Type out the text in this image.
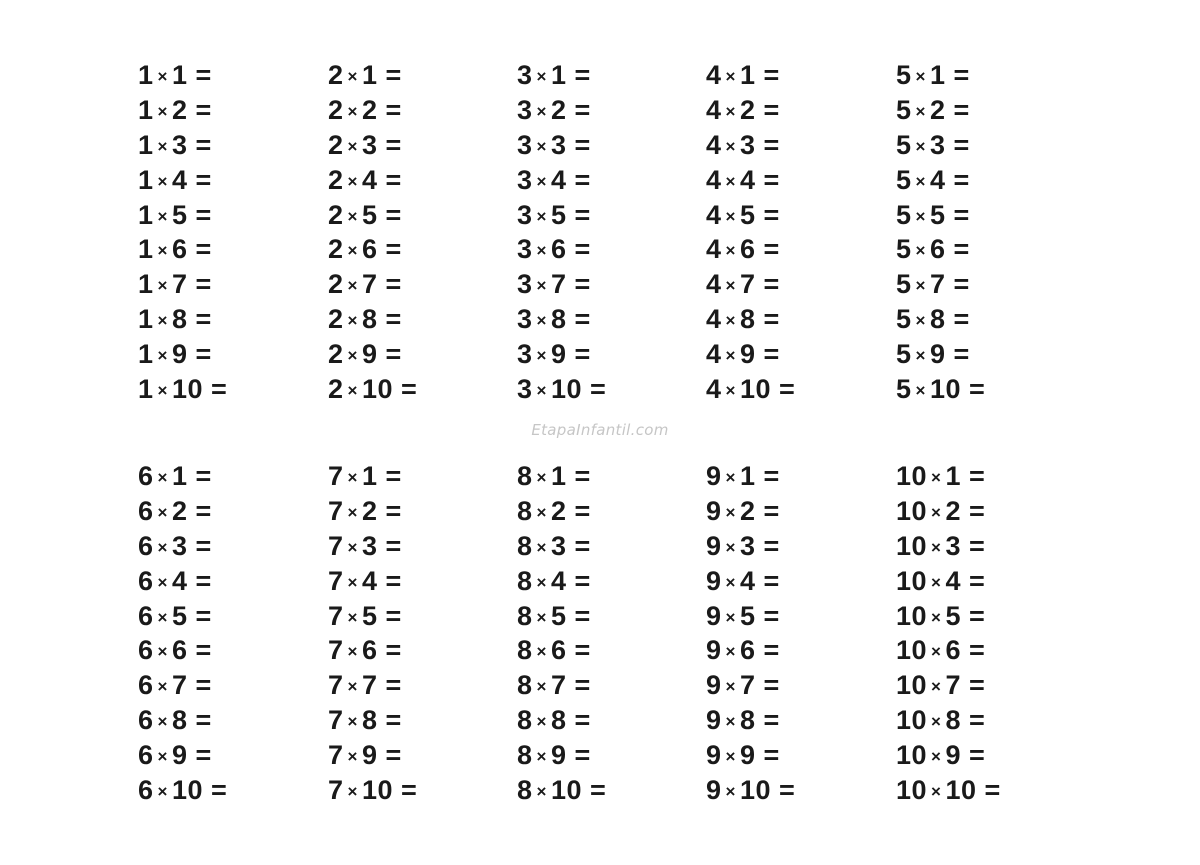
1 × 1 =
1 × 2 =
1 × 3 =
1 × 4 =
1 × 5 =
1 × 6 =
1 × 7 =
1 × 8 =
1 × 9 =
1 × 10 =
2 × 1 =
2 × 2 =
2 × 3 =
2 × 4 =
2 × 5 =
2 × 6 =
2 × 7 =
2 × 8 =
2 × 9 =
2 × 10 =
3 × 1 =
3 × 2 =
3 × 3 =
3 × 4 =
3 × 5 =
3 × 6 =
3 × 7 =
3 × 8 =
3 × 9 =
3 × 10 =
4 × 1 =
4 × 2 =
4 × 3 =
4 × 4 =
4 × 5 =
4 × 6 =
4 × 7 =
4 × 8 =
4 × 9 =
4 × 10 =
5 × 1 =
5 × 2 =
5 × 3 =
5 × 4 =
5 × 5 =
5 × 6 =
5 × 7 =
5 × 8 =
5 × 9 =
5 × 10 =
EtapaInfantil.com
6 × 1 =
6 × 2 =
6 × 3 =
6 × 4 =
6 × 5 =
6 × 6 =
6 × 7 =
6 × 8 =
6 × 9 =
6 × 10 =
7 × 1 =
7 × 2 =
7 × 3 =
7 × 4 =
7 × 5 =
7 × 6 =
7 × 7 =
7 × 8 =
7 × 9 =
7 × 10 =
8 × 1 =
8 × 2 =
8 × 3 =
8 × 4 =
8 × 5 =
8 × 6 =
8 × 7 =
8 × 8 =
8 × 9 =
8 × 10 =
9 × 1 =
9 × 2 =
9 × 3 =
9 × 4 =
9 × 5 =
9 × 6 =
9 × 7 =
9 × 8 =
9 × 9 =
9 × 10 =
10 × 1 =
10 × 2 =
10 × 3 =
10 × 4 =
10 × 5 =
10 × 6 =
10 × 7 =
10 × 8 =
10 × 9 =
10 × 10 =
